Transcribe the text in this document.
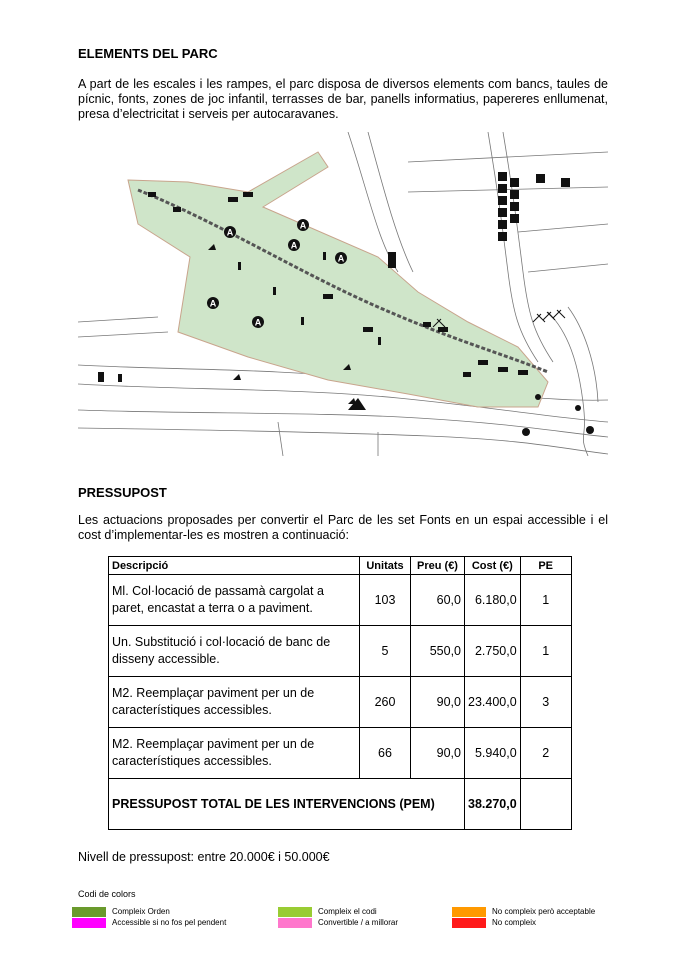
ELEMENTS DEL PARC
A part de les escales i les rampes, el parc disposa de diversos elements com bancs, taules de pícnic, fonts, zones de joc infantil, terrasses de bar, panells informatius, papereres enllumenat, presa d’electricitat i serveis per autocaravanes.
A
A
A
A
A
A
PRESSUPOST
Les actuacions proposades per convertir el Parc de les set Fonts en un espai accessible i el cost d’implementar-les es mostren a continuació:
Descripció	Unitats	Preu (€)	Cost (€)	PE
Ml. Col·locació de passamà cargolat a paret, encastat a terra o a paviment.	103	60,0	6.180,0	1
Un. Substitució i col·locació de banc de disseny accessible.	5	550,0	2.750,0	1
M2. Reemplaçar paviment per un de característiques accessibles.	260	90,0	23.400,0	3
M2. Reemplaçar paviment per un de característiques accessibles.	66	90,0	5.940,0	2
PRESSUPOST TOTAL DE LES INTERVENCIONS (PEM)			38.270,0	
Nivell de pressupost: entre 20.000€ i 50.000€
Codi de colors
Compleix Orden
Accessible si no fos pel pendent
Compleix el codi
Convertible / a millorar
No compleix però acceptable
No compleix
